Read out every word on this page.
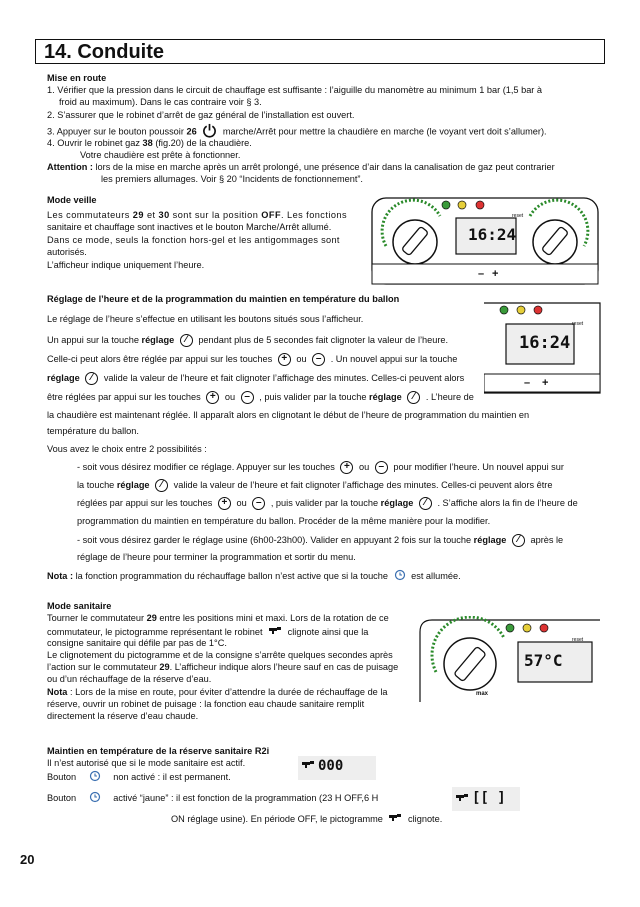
14. Conduite
Mise en route
1. Vérifier que la pression dans le circuit de chauffage est suffisante : l’aiguille du manomètre au minimum 1 bar (1,5 bar à
froid au maximum). Dans le cas contraire voir § 3.
2. S’assurer que le robinet d’arrêt de gaz général de l’installation est ouvert.
3. Appuyer sur le bouton poussoir 26	marche/Arrêt pour mettre la chaudière en marche (le voyant vert doit s’allumer).
4. Ouvrir le robinet gaz 38 (fig.20) de la chaudière.
Votre chaudière est prête à fonctionner.
Attention : lors de la mise en marche après un arrêt prolongé, une présence d’air dans la canalisation de gaz peut contrarier
les premiers allumages. Voir § 20 “Incidents de fonctionnement”.
Mode veille
Les commutateurs 29 et 30 sont sur la position OFF. Les fonctions
sanitaire et chauffage sont inactives et le bouton Marche/Arrêt allumé.
Dans ce mode, seuls la fonction hors-gel et les antigommages sont
autorisés.
L’afficheur indique uniquement l’heure.
16:24
– +
reset
Réglage de l’heure et de la programmation du maintien en température du ballon
Le réglage de l’heure s’effectue en utilisant les boutons situés sous l’afficheur.
Un appui sur la touche réglage ⁄ pendant plus de 5 secondes fait clignoter la valeur de l’heure.
Celle-ci peut alors être réglée par appui sur les touches + ou – . Un nouvel appui sur la touche
réglage ⁄ valide la valeur de l’heure et fait clignoter l’affichage des minutes. Celles-ci peuvent alors
être réglées par appui sur les touches + ou – , puis valider par la touche réglage ⁄ . L’heure de
la chaudière est maintenant réglée. Il apparaît alors en clignotant le début de l’heure de programmation du maintien en
température du ballon.
Vous avez le choix entre 2 possibilités :
16:24
– +
reset
- soit vous désirez modifier ce réglage. Appuyer sur les touches + ou – pour modifier l’heure. Un nouvel appui sur
la touche réglage ⁄ valide la valeur de l’heure et fait clignoter l’affichage des minutes. Celles-ci peuvent alors être
réglées par appui sur les touches + ou – , puis valider par la touche réglage ⁄ . S’affiche alors la fin de l’heure de
programmation du maintien en température du ballon. Procéder de la même manière pour la modifier.
- soit vous désirez garder le réglage usine (6h00-23h00). Valider en appuyant 2 fois sur la touche réglage ⁄ après le
réglage de l’heure pour terminer la programmation et sortir du menu.
Nota : la fonction programmation du réchauffage ballon n’est active que si la touche	est allumée.
Mode sanitaire
Tourner le commutateur 29 entre les positions mini et maxi. Lors de la rotation de ce
commutateur, le pictogramme représentant le robinet	clignote ainsi que la
consigne sanitaire qui défile par pas de 1°C.
Le clignotement du pictogramme et de la consigne s’arrête quelques secondes après
l’action sur le commutateur 29. L’afficheur indique alors l’heure sauf en cas de puisage
ou d’un réchauffage de la réserve d’eau.
Nota : Lors de la mise en route, pour éviter d’attendre la durée de réchauffage de la
réserve, ouvrir un robinet de puisage : la fonction eau chaude sanitaire remplit
directement la réserve d’eau chaude.
57°C
max
reset
Maintien en température de la réserve sanitaire R2i
Il n’est autorisé que si le mode sanitaire est actif.
Bouton	non activé : il est permanent.
000
Bouton	activé “jaune” : il est fonction de la programmation (23 H OFF,6 H	[[ ]
ON réglage usine). En période OFF, le pictogramme	clignote.
20
